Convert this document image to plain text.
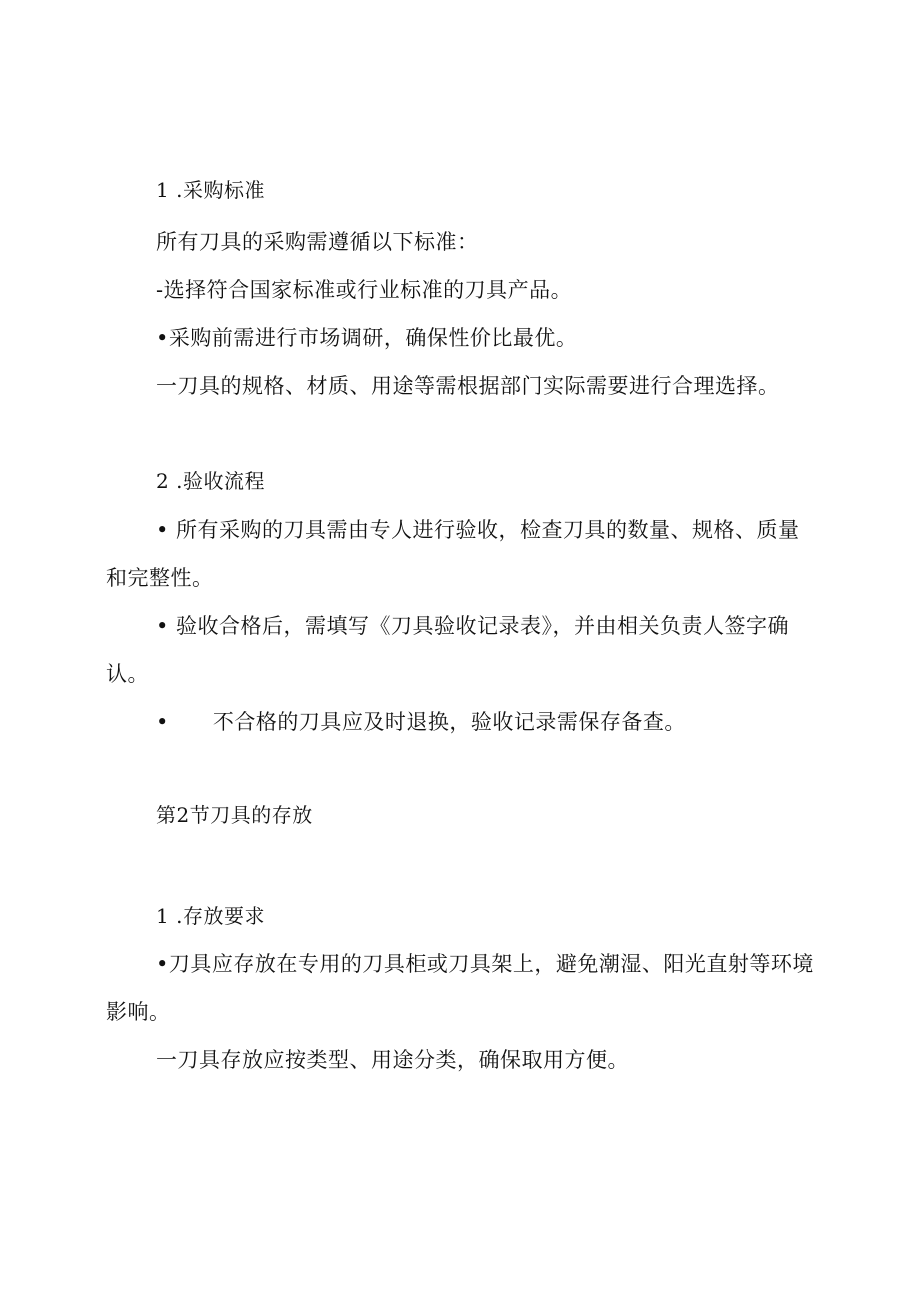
1 .采购标准
所有刀具的采购需遵循以下标准：
-选择符合国家标准或行业标准的刀具产品。
•采购前需进行市场调研，确保性价比最优。
一刀具的规格、材质、用途等需根据部门实际需要进行合理选择。
2 .验收流程
• 所有采购的刀具需由专人进行验收，检查刀具的数量、规格、质量
和完整性。
• 验收合格后，需填写《刀具验收记录表》，并由相关负责人签字确
认。
• 不合格的刀具应及时退换，验收记录需保存备查。
第2节刀具的存放
1 .存放要求
•刀具应存放在专用的刀具柜或刀具架上，避免潮湿、阳光直射等环境
影响。
一刀具存放应按类型、用途分类，确保取用方便。
